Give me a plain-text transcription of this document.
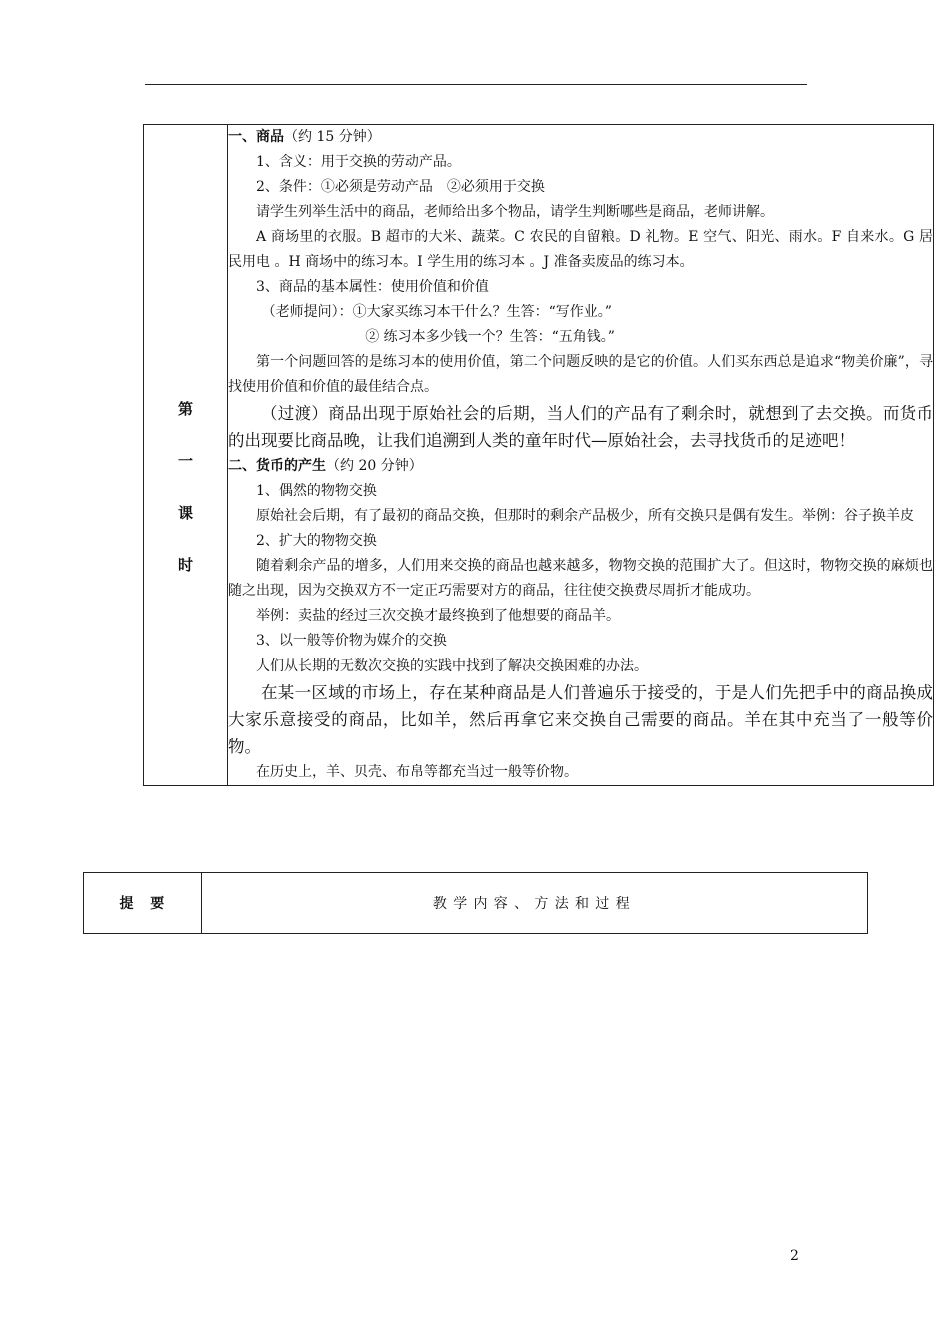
第
一
课
时

一、商品（约 15 分钟）

1、含义：用于交换的劳动产品。

2、条件：①必须是劳动产品　②必须用于交换

请学生列举生活中的商品，老师给出多个物品，请学生判断哪些是商品，老师讲解。

A 商场里的衣服。B 超市的大米、蔬菜。C 农民的自留粮。D 礼物。E 空气、阳光、雨水。F 自来水。G 居民用电 。H 商场中的练习本。I 学生用的练习本 。J 准备卖废品的练习本。

3、商品的基本属性：使用价值和价值

（老师提问）：①大家买练习本干什么？生答：“写作业。”

② 练习本多少钱一个？生答：“五角钱。”

第一个问题回答的是练习本的使用价值，第二个问题反映的是它的价值。人们买东西总是追求“物美价廉”，寻找使用价值和价值的最佳结合点。

（过渡）商品出现于原始社会的后期，当人们的产品有了剩余时，就想到了去交换。而货币的出现要比商品晚，让我们追溯到人类的童年时代—原始社会，去寻找货币的足迹吧！

二、货币的产生（约 20 分钟）

1、偶然的物物交换

原始社会后期，有了最初的商品交换，但那时的剩余产品极少，所有交换只是偶有发生。举例：谷子换羊皮

2、扩大的物物交换

随着剩余产品的增多，人们用来交换的商品也越来越多，物物交换的范围扩大了。但这时，物物交换的麻烦也随之出现，因为交换双方不一定正巧需要对方的商品，往往使交换费尽周折才能成功。

举例：卖盐的经过三次交换才最终换到了他想要的商品羊。

3、以一般等价物为媒介的交换

人们从长期的无数次交换的实践中找到了解决交换困难的办法。

在某一区域的市场上，存在某种商品是人们普遍乐于接受的，于是人们先把手中的商品换成大家乐意接受的商品，比如羊，然后再拿它来交换自己需要的商品。羊在其中充当了一般等价物。

在历史上，羊、贝壳、布帛等都充当过一般等价物。

提要	教学内容、方法和过程
2
